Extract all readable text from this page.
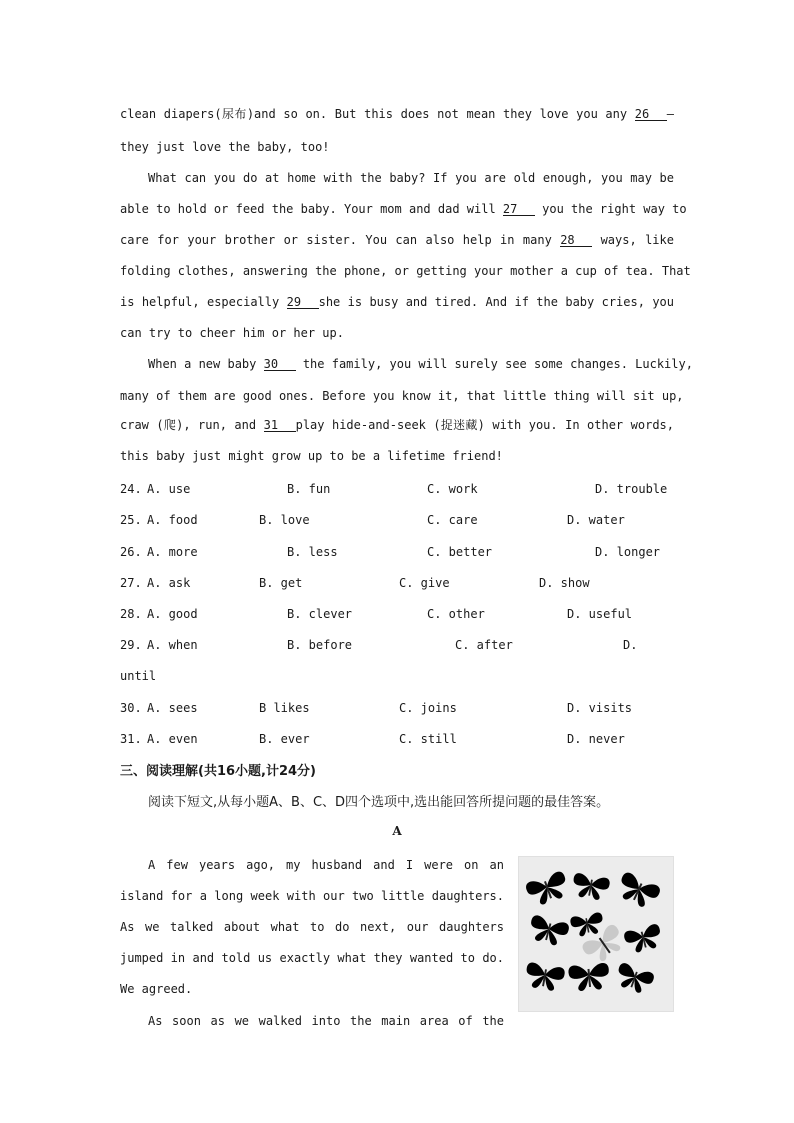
clean diapers(尿布)and so on. But this does not mean they love you any 26 —
they just love the baby, too!
What can you do at home with the baby? If you are old enough, you may be
able to hold or feed the baby. Your mom and dad will 27 you the right way to
care for your brother or sister. You can also help in many 28 ways, like
folding clothes, answering the phone, or getting your mother a cup of tea. That
is helpful, especially 29 she is busy and tired. And if the baby cries, you
can try to cheer him or her up.
When a new baby 30 the family, you will surely see some changes. Luckily,
many of them are good ones. Before you know it, that little thing will sit up,
craw (爬), run, and 31 play hide-and-seek (捉迷藏) with you. In other words,
this baby just might grow up to be a lifetime friend!
24. A. use	B. fun	C. work	D. trouble
25. A. food	B. love	C. care	D. water
26. A. more	B. less	C. better	D. longer
27. A. ask	B. get	C. give	D. show
28. A. good	B. clever	C. other	D. useful
29. A. when	B. before	C. after	D.
until
30. A. sees	B likes	C. joins	D. visits
31. A. even	B. ever	C. still	D. never
三、阅读理解(共16小题,计24分)
阅读下短文,从每小题A、B、C、D四个选项中,选出能回答所提问题的最佳答案。
A
A few years ago, my husband and I were on an
island for a long week with our two little daughters.
As we talked about what to do next, our daughters
jumped in and told us exactly what they wanted to do.
We agreed.
As soon as we walked into the main area of the
